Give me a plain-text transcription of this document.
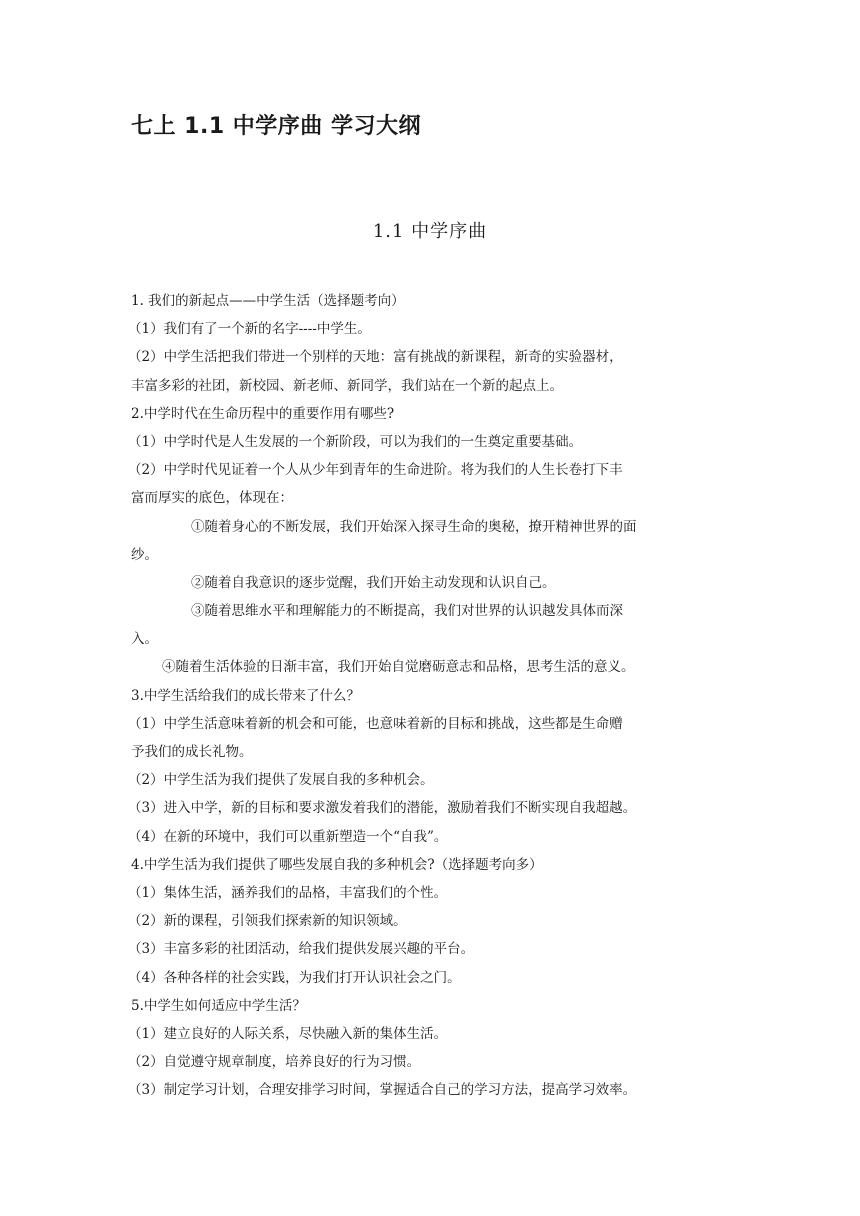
七上 1.1 中学序曲 学习大纲
1.1 中学序曲
1. 我们的新起点——中学生活（选择题考向）
（1）我们有了一个新的名字----中学生。
（2）中学生活把我们带进一个别样的天地：富有挑战的新课程，新奇的实验器材，
丰富多彩的社团，新校园、新老师、新同学，我们站在一个新的起点上。
2.中学时代在生命历程中的重要作用有哪些?
（1）中学时代是人生发展的一个新阶段，可以为我们的一生奠定重要基础。
（2）中学时代见证着一个人从少年到青年的生命进阶。将为我们的人生长卷打下丰
富而厚实的底色，体现在：
①随着身心的不断发展，我们开始深入探寻生命的奥秘，撩开精神世界的面
纱。
②随着自我意识的逐步觉醒，我们开始主动发现和认识自己。
③随着思维水平和理解能力的不断提高，我们对世界的认识越发具体而深
入。
④随着生活体验的日渐丰富，我们开始自觉磨砺意志和品格，思考生活的意义。
3.中学生活给我们的成长带来了什么？
（1）中学生活意味着新的机会和可能，也意味着新的目标和挑战，这些都是生命赠
予我们的成长礼物。
（2）中学生活为我们提供了发展自我的多种机会。
（3）进入中学，新的目标和要求激发着我们的潜能，激励着我们不断实现自我超越。
（4）在新的环境中，我们可以重新塑造一个“自我”。
4.中学生活为我们提供了哪些发展自我的多种机会?（选择题考向多）
（1）集体生活，涵养我们的品格，丰富我们的个性。
（2）新的课程，引领我们探索新的知识领域。
（3）丰富多彩的社团活动，给我们提供发展兴趣的平台。
（4）各种各样的社会实践，为我们打开认识社会之门。
5.中学生如何适应中学生活？
（1）建立良好的人际关系，尽快融入新的集体生活。
（2）自觉遵守规章制度，培养良好的行为习惯。
（3）制定学习计划，合理安排学习时间，掌握适合自己的学习方法，提高学习效率。
